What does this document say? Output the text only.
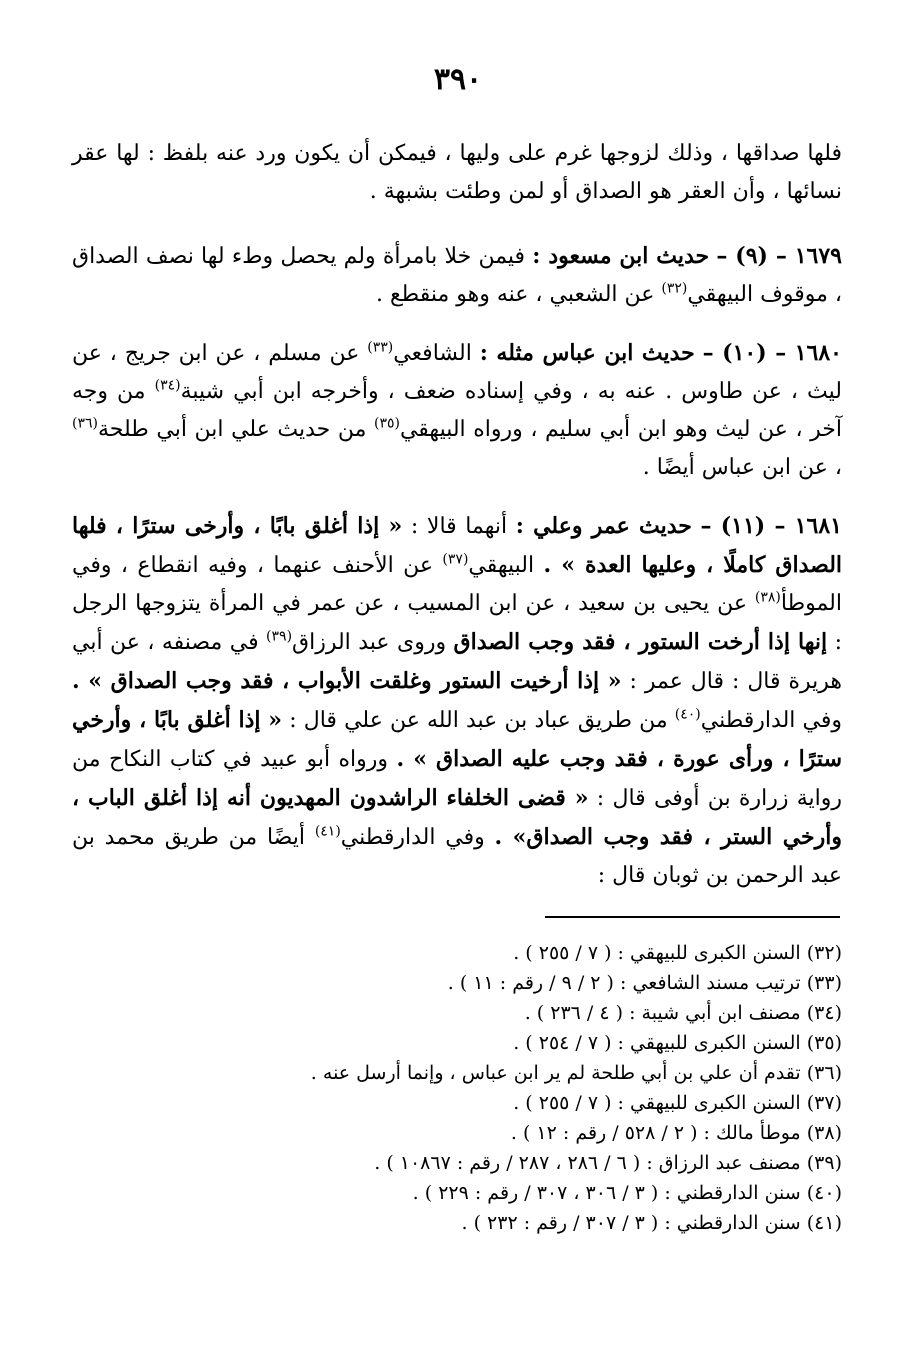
٣٩٠

فلها صداقها ، وذلك لزوجها غرم على وليها ، فيمكن أن يكون ورد عنه بلفظ : لها عقر نسائها ، وأن العقر هو الصداق أو لمن وطئت بشبهة .

١٦٧٩ – (٩) – حديث ابن مسعود : فيمن خلا بامرأة ولم يحصل وطء لها نصف الصداق ، موقوف البيهقي$^{(٣٢)}$ عن الشعبي ، عنه وهو منقطع .

١٦٨٠ – (١٠) – حديث ابن عباس مثله : الشافعي$^{(٣٣)}$ عن مسلم ، عن ابن جريج ، عن ليث ، عن طاوس . عنه به ، وفي إسناده ضعف ، وأخرجه ابن أبي شيبة$^{(٣٤)}$ من وجه آخر ، عن ليث وهو ابن أبي سليم ، ورواه البيهقي$^{(٣٥)}$ من حديث علي ابن أبي طلحة$^{(٣٦)}$ ، عن ابن عباس أيضًا .

١٦٨١ – (١١) – حديث عمر وعلي : أنهما قالا : « إذا أغلق بابًا ، وأرخى سترًا ، فلها الصداق كاملًا ، وعليها العدة » . البيهقي$^{(٣٧)}$ عن الأحنف عنهما ، وفيه انقطاع ، وفي الموطأ$^{(٣٨)}$ عن يحيى بن سعيد ، عن ابن المسيب ، عن عمر في المرأة يتزوجها الرجل : إنها إذا أرخت الستور ، فقد وجب الصداق وروى عبد الرزاق$^{(٣٩)}$ في مصنفه ، عن أبي هريرة قال : قال عمر : « إذا أرخيت الستور وغلقت الأبواب ، فقد وجب الصداق » . وفي الدارقطني$^{(٤٠)}$ من طريق عباد بن عبد الله عن علي قال : « إذا أغلق بابًا ، وأرخي سترًا ، ورأى عورة ، فقد وجب عليه الصداق » . ورواه أبو عبيد في كتاب النكاح من رواية زرارة بن أوفى قال : « قضى الخلفاء الراشدون المهديون أنه إذا أغلق الباب ، وأرخي الستر ، فقد وجب الصداق» . وفي الدارقطني$^{(٤١)}$ أيضًا من طريق محمد بن عبد الرحمن بن ثوبان قال :

(٣٢) السنن الكبرى للبيهقي : ( ٧ / ٢٥٥ ) .
(٣٣) ترتيب مسند الشافعي : ( ٢ / ٩ / رقم : ١١ ) .
(٣٤) مصنف ابن أبي شيبة : ( ٤ / ٢٣٦ ) .
(٣٥) السنن الكبرى للبيهقي : ( ٧ / ٢٥٤ ) .
(٣٦) تقدم أن علي بن أبي طلحة لم ير ابن عباس ، وإنما أرسل عنه .
(٣٧) السنن الكبرى للبيهقي : ( ٧ / ٢٥٥ ) .
(٣٨) موطأ مالك : ( ٢ / ٥٢٨ / رقم : ١٢ ) .
(٣٩) مصنف عبد الرزاق : ( ٦ / ٢٨٦ ، ٢٨٧ / رقم : ١٠٨٦٧ ) .
(٤٠) سنن الدارقطني : ( ٣ / ٣٠٦ ، ٣٠٧ / رقم : ٢٢٩ ) .
(٤١) سنن الدارقطني : ( ٣ / ٣٠٧ / رقم : ٢٣٢ ) .
